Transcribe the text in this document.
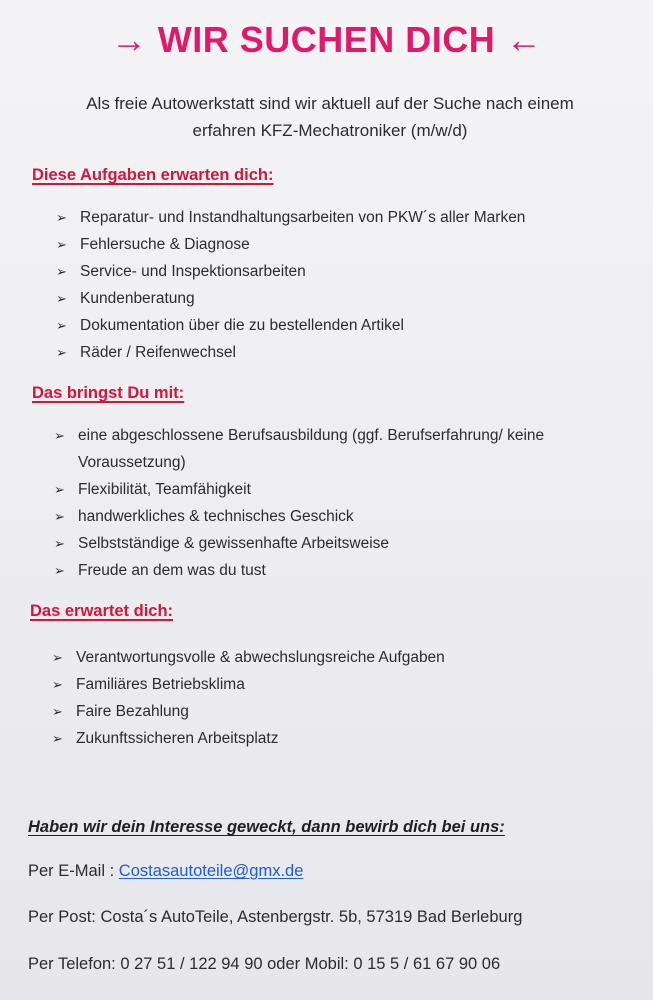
→ WIR SUCHEN DICH ←
Als freie Autowerkstatt sind wir aktuell auf der Suche nach einem
erfahren KFZ-Mechatroniker (m/w/d)
Diese Aufgaben erwarten dich:
➢ Reparatur- und Instandhaltungsarbeiten von PKW´s aller Marken
➢ Fehlersuche & Diagnose
➢ Service- und Inspektionsarbeiten
➢ Kundenberatung
➢ Dokumentation über die zu bestellenden Artikel
➢ Räder / Reifenwechsel
Das bringst Du mit:
➢ eine abgeschlossene Berufsausbildung (ggf. Berufserfahrung/ keine
Voraussetzung)
➢ Flexibilität, Teamfähigkeit
➢ handwerkliches & technisches Geschick
➢ Selbstständige & gewissenhafte Arbeitsweise
➢ Freude an dem was du tust
Das erwartet dich:
➢ Verantwortungsvolle & abwechslungsreiche Aufgaben
➢ Familiäres Betriebsklima
➢ Faire Bezahlung
➢ Zukunftssicheren Arbeitsplatz
Haben wir dein Interesse geweckt, dann bewirb dich bei uns:
Per E-Mail : Costasautoteile@gmx.de
Per Post: Costa´s AutoTeile, Astenbergstr. 5b, 57319 Bad Berleburg
Per Telefon: 0 27 51 / 122 94 90 oder Mobil: 0 15 5 / 61 67 90 06
